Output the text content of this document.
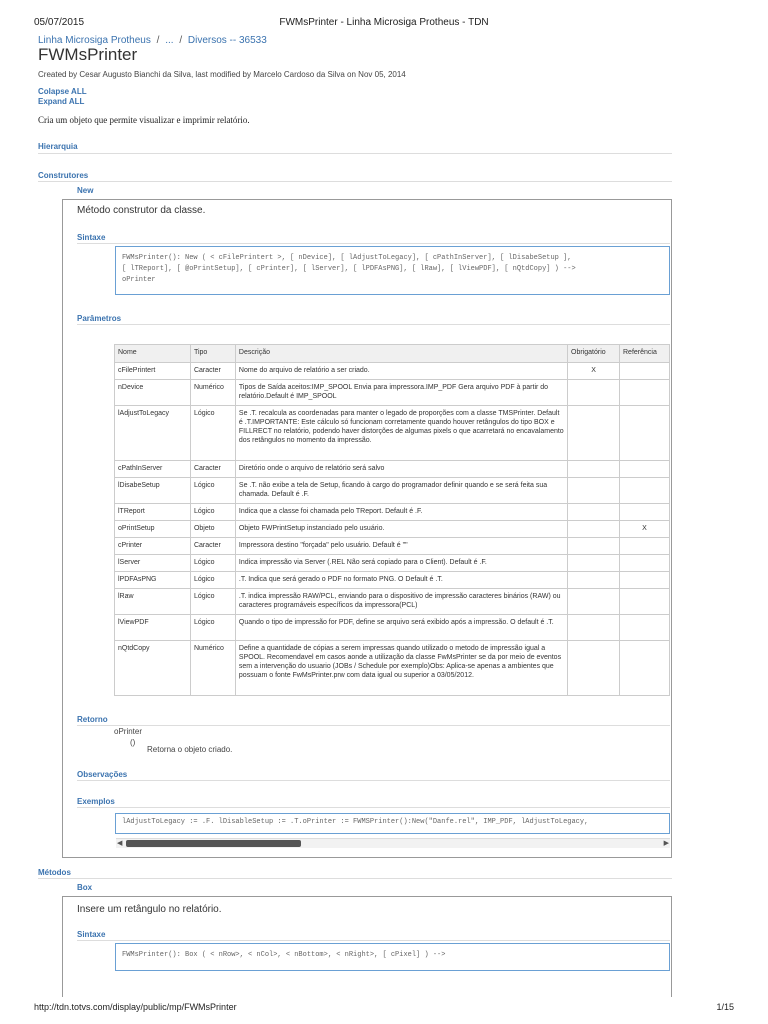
05/07/2015	FWMsPrinter - Linha Microsiga Protheus - TDN
Linha Microsiga Protheus / ... / Diversos -- 36533
FWMsPrinter
Created by Cesar Augusto Bianchi da Silva, last modified by Marcelo Cardoso da Silva on Nov 05, 2014
Colapse ALL
Expand ALL
Cria um objeto que permite visualizar e imprimir relatório.
Hierarquia
Construtores
New
Método construtor da classe.
Sintaxe
FWMsPrinter(): New ( < cFilePrintert >, [ nDevice], [ lAdjustToLegacy], [ cPathInServer], [ lDisabeSetup ],
[ lTReport], [ @oPrintSetup], [ cPrinter], [ lServer], [ lPDFAsPNG], [ lRaw], [ lViewPDF], [ nQtdCopy] ) -->
oPrinter
Parâmetros
Nome	Tipo	Descrição	Obrigatório	Referência
cFilePrintert	Caracter	Nome do arquivo de relatório a ser criado.	X	
nDevice	Numérico	Tipos de Saída aceitos:IMP_SPOOL Envia para impressora.IMP_PDF Gera arquivo PDF à partir do relatório.Default é IMP_SPOOL		
lAdjustToLegacy	Lógico	Se .T. recalcula as coordenadas para manter o legado de proporções com a classe TMSPrinter. Default é .T.IMPORTANTE: Este cálculo só funcionam corretamente quando houver retângulos do tipo BOX e FILLRECT no relatório, podendo haver distorções de algumas pixels o que acarretará no encavalamento dos retângulos no momento da impressão.		
cPathInServer	Caracter	Diretório onde o arquivo de relatório será salvo		
lDisabeSetup	Lógico	Se .T. não exibe a tela de Setup, ficando à cargo do programador definir quando e se será feita sua chamada. Default é .F.		
lTReport	Lógico	Indica que a classe foi chamada pelo TReport. Default é .F.		
oPrintSetup	Objeto	Objeto FWPrintSetup instanciado pelo usuário.		X
cPrinter	Caracter	Impressora destino "forçada" pelo usuário. Default é ""		
lServer	Lógico	Indica impressão via Server (.REL Não será copiado para o Client). Default é .F.		
lPDFAsPNG	Lógico	.T. Indica que será gerado o PDF no formato PNG. O Default é .T.		
lRaw	Lógico	.T. indica impressão RAW/PCL, enviando para o dispositivo de impressão caracteres binários (RAW) ou caracteres programáveis específicos da impressora(PCL)		
lViewPDF	Lógico	Quando o tipo de impressão for PDF, define se arquivo será exibido após a impressão. O default é .T.		
nQtdCopy	Numérico	Define a quantidade de cópias a serem impressas quando utilizado o metodo de impressão igual a SPOOL. Recomendavel em casos aonde a utilização da classe FwMsPrinter se da por meio de eventos sem a intervenção do usuario (JOBs / Schedule por exemplo)Obs: Aplica-se apenas a ambientes que possuam o fonte FwMsPrinter.prw com data igual ou superior a 03/05/2012.		
Retorno
oPrinter
()
Retorna o objeto criado.
Observações
Exemplos
lAdjustToLegacy := .F. lDisableSetup := .T.oPrinter := FWMSPrinter():New("Danfe.rel", IMP_PDF, lAdjustToLegacy,
◀	▶
Métodos
Box
Insere um retângulo no relatório.
Sintaxe
FWMsPrinter(): Box ( < nRow>, < nCol>, < nBottom>, < nRight>, [ cPixel] ) -->
http://tdn.totvs.com/display/public/mp/FWMsPrinter	1/15
